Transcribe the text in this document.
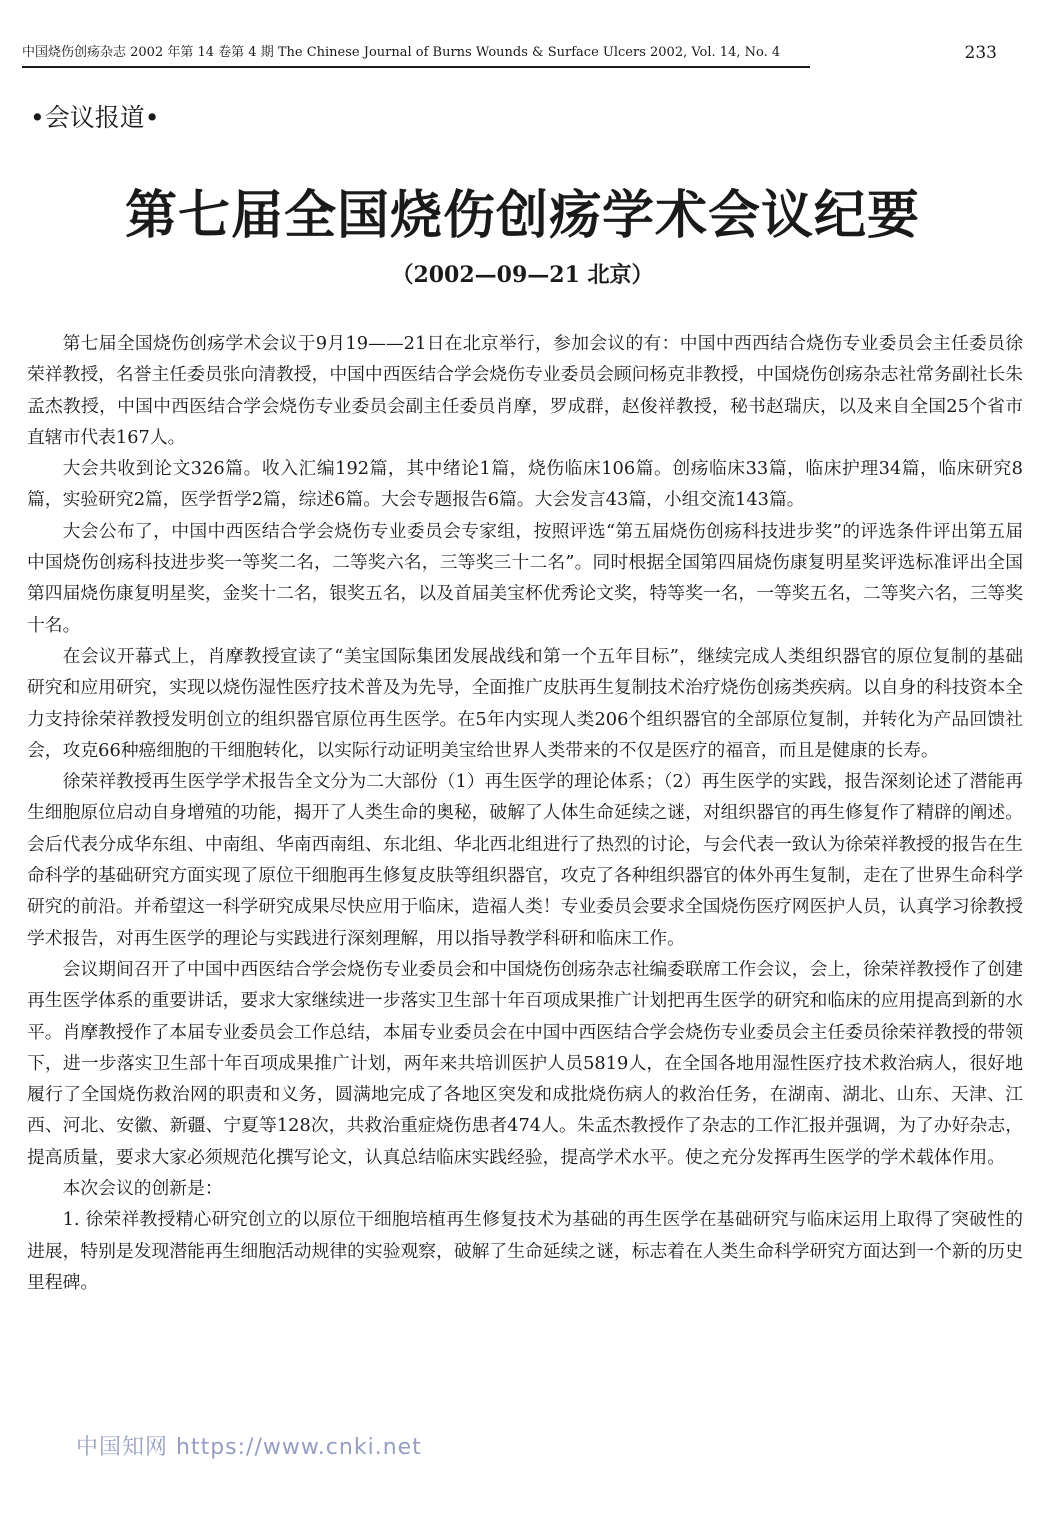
中国烧伤创疡杂志 2002 年第 14 卷第 4 期 The Chinese Journal of Burns Wounds & Surface Ulcers 2002, Vol. 14, No. 4	233
•会议报道•
第七届全国烧伤创疡学术会议纪要
（2002—09—21 北京）

第七届全国烧伤创疡学术会议于9月19——21日在北京举行，参加会议的有：中国中西西结合烧伤专业委员会主任委员徐荣祥教授，名誉主任委员张向清教授，中国中西医结合学会烧伤专业委员会顾问杨克非教授，中国烧伤创疡杂志社常务副社长朱孟杰教授，中国中西医结合学会烧伤专业委员会副主任委员肖摩，罗成群，赵俊祥教授，秘书赵瑞庆，以及来自全国25个省市直辖市代表167人。

大会共收到论文326篇。收入汇编192篇，其中绪论1篇，烧伤临床106篇。创疡临床33篇，临床护理34篇，临床研究8篇，实验研究2篇，医学哲学2篇，综述6篇。大会专题报告6篇。大会发言43篇，小组交流143篇。

大会公布了，中国中西医结合学会烧伤专业委员会专家组，按照评选“第五届烧伤创疡科技进步奖”的评选条件评出第五届中国烧伤创疡科技进步奖一等奖二名，二等奖六名，三等奖三十二名”。同时根据全国第四届烧伤康复明星奖评选标准评出全国第四届烧伤康复明星奖，金奖十二名，银奖五名，以及首届美宝杯优秀论文奖，特等奖一名，一等奖五名，二等奖六名，三等奖十名。

在会议开幕式上，肖摩教授宣读了“美宝国际集团发展战线和第一个五年目标”，继续完成人类组织器官的原位复制的基础研究和应用研究，实现以烧伤湿性医疗技术普及为先导，全面推广皮肤再生复制技术治疗烧伤创疡类疾病。以自身的科技资本全力支持徐荣祥教授发明创立的组织器官原位再生医学。在5年内实现人类206个组织器官的全部原位复制，并转化为产品回馈社会，攻克66种癌细胞的干细胞转化，以实际行动证明美宝给世界人类带来的不仅是医疗的福音，而且是健康的长寿。

徐荣祥教授再生医学学术报告全文分为二大部份（1）再生医学的理论体系；（2）再生医学的实践，报告深刻论述了潜能再生细胞原位启动自身增殖的功能，揭开了人类生命的奥秘，破解了人体生命延续之谜，对组织器官的再生修复作了精辟的阐述。会后代表分成华东组、中南组、华南西南组、东北组、华北西北组进行了热烈的讨论，与会代表一致认为徐荣祥教授的报告在生命科学的基础研究方面实现了原位干细胞再生修复皮肤等组织器官，攻克了各种组织器官的体外再生复制，走在了世界生命科学研究的前沿。并希望这一科学研究成果尽快应用于临床，造福人类！专业委员会要求全国烧伤医疗网医护人员，认真学习徐教授学术报告，对再生医学的理论与实践进行深刻理解，用以指导教学科研和临床工作。

会议期间召开了中国中西医结合学会烧伤专业委员会和中国烧伤创疡杂志社编委联席工作会议，会上，徐荣祥教授作了创建再生医学体系的重要讲话，要求大家继续进一步落实卫生部十年百项成果推广计划把再生医学的研究和临床的应用提高到新的水平。肖摩教授作了本届专业委员会工作总结，本届专业委员会在中国中西医结合学会烧伤专业委员会主任委员徐荣祥教授的带领下，进一步落实卫生部十年百项成果推广计划，两年来共培训医护人员5819人，在全国各地用湿性医疗技术救治病人，很好地履行了全国烧伤救治网的职责和义务，圆满地完成了各地区突发和成批烧伤病人的救治任务，在湖南、湖北、山东、天津、江西、河北、安徽、新疆、宁夏等128次，共救治重症烧伤患者474人。朱孟杰教授作了杂志的工作汇报并强调，为了办好杂志，提高质量，要求大家必须规范化撰写论文，认真总结临床实践经验，提高学术水平。使之充分发挥再生医学的学术载体作用。

本次会议的创新是：

1. 徐荣祥教授精心研究创立的以原位干细胞培植再生修复技术为基础的再生医学在基础研究与临床运用上取得了突破性的进展，特别是发现潜能再生细胞活动规律的实验观察，破解了生命延续之谜，标志着在人类生命科学研究方面达到一个新的历史里程碑。

中国知网 https://www.cnki.net
